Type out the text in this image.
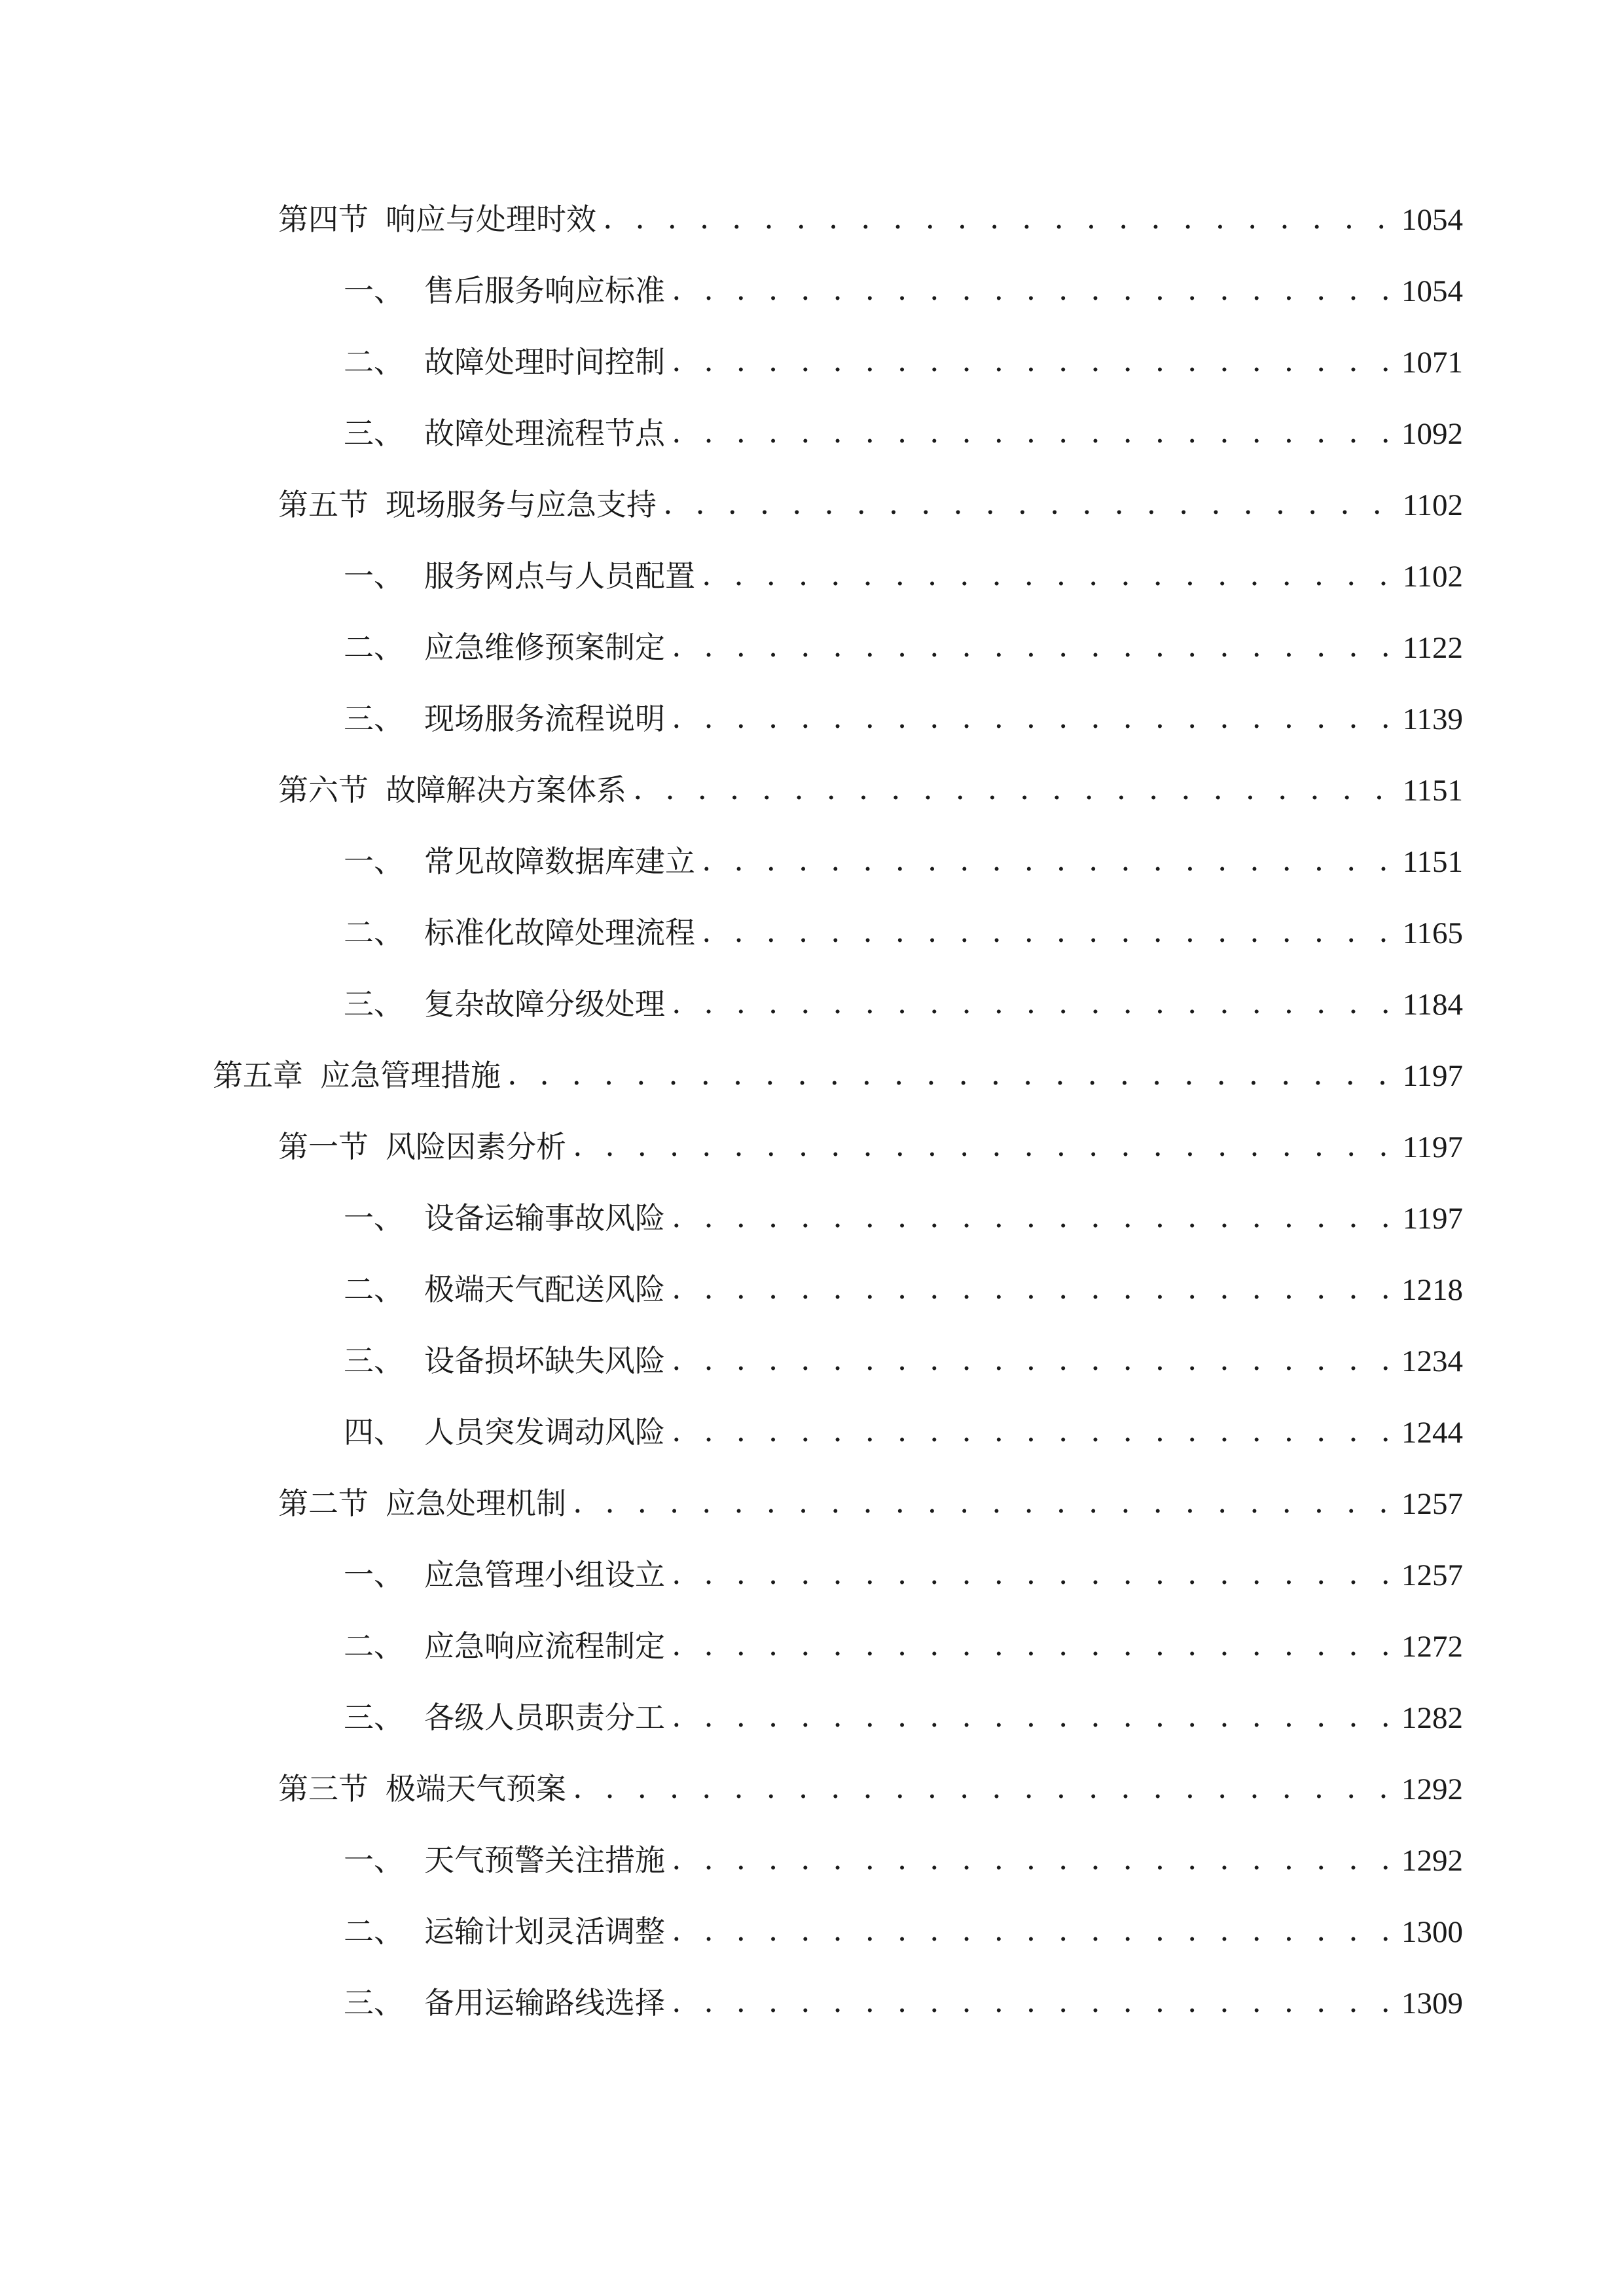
第四节 响应与处理时效 . . .	1054
一、 售后服务响应标准 . . .	1054
二、 故障处理时间控制 . . .	1071
三、 故障处理流程节点 . . .	1092
第五节 现场服务与应急支持 . . .	1102
一、 服务网点与人员配置 . . .	1102
二、 应急维修预案制定 . . .	1122
三、 现场服务流程说明 . . .	1139
第六节 故障解决方案体系 . . .	1151
一、 常见故障数据库建立 . . .	1151
二、 标准化故障处理流程 . . .	1165
三、 复杂故障分级处理 . . .	1184
第五章 应急管理措施 . . .	1197
第一节 风险因素分析 . . .	1197
一、 设备运输事故风险 . . .	1197
二、 极端天气配送风险 . . .	1218
三、 设备损坏缺失风险 . . .	1234
四、 人员突发调动风险 . . .	1244
第二节 应急处理机制 . . .	1257
一、 应急管理小组设立 . . .	1257
二、 应急响应流程制定 . . .	1272
三、 各级人员职责分工 . . .	1282
第三节 极端天气预案 . . .	1292
一、 天气预警关注措施 . . .	1292
二、 运输计划灵活调整 . . .	1300
三、 备用运输路线选择 . . .	1309
